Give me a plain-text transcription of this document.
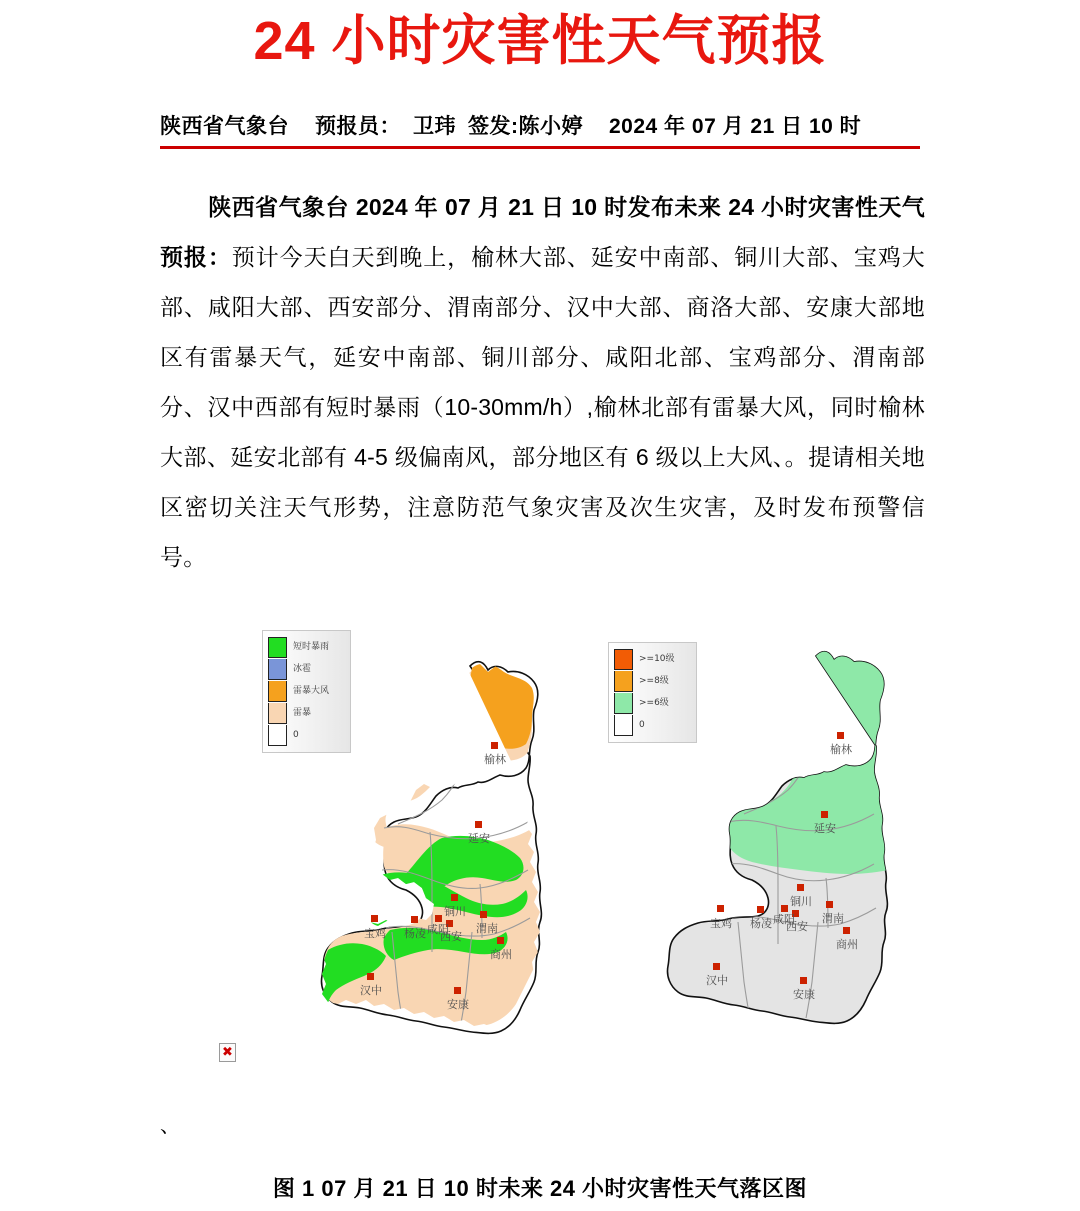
24 小时灾害性天气预报
陕西省气象台 预报员： 卫玮 签发:陈小婷 2024 年 07 月 21 日 10 时
陕西省气象台 2024 年 07 月 21 日 10 时发布未来 24 小时灾害性天气预报：预计今天白天到晚上，榆林大部、延安中南部、铜川大部、宝鸡大部、咸阳大部、西安部分、渭南部分、汉中大部、商洛大部、安康大部地区有雷暴天气，延安中南部、铜川部分、咸阳北部、宝鸡部分、渭南部分、汉中西部有短时暴雨（10-30mm/h）,榆林北部有雷暴大风，同时榆林大部、延安北部有 4-5 级偏南风，部分地区有 6 级以上大风、。提请相关地区密切关注天气形势，注意防范气象灾害及次生灾害，及时发布预警信号。
短时暴雨
冰雹
雷暴大风
雷暴
0
榆林
延安
铜川
渭南
西安
咸阳
杨凌
宝鸡
商州
汉中
安康
>=10级
>=8级
>=6级
0
榆林
延安
铜川
渭南
西安
咸阳
杨凌
宝鸡
商州
汉中
安康
✖
、
图 1 07 月 21 日 10 时未来 24 小时灾害性天气落区图
